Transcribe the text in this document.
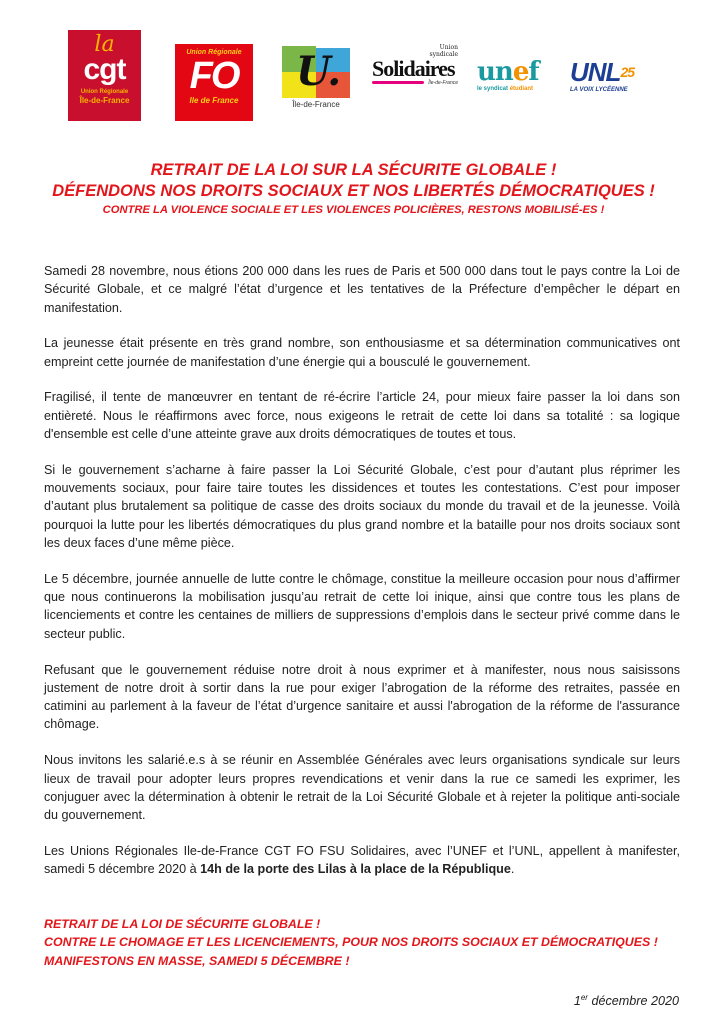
la
cgt
Union Régionale
Île-de-France
Union Régionale
FO
Ile de France
U.
Île-de-France
Union
syndicale
Solidaires
Île-de-France unef
le syndicat étudiant
UNL$^{25}$
LA VOIX LYCÉENNE
RETRAIT DE LA LOI SUR LA SÉCURITE GLOBALE !
DÉFENDONS NOS DROITS SOCIAUX ET NOS LIBERTÉS DÉMOCRATIQUES !
CONTRE LA VIOLENCE SOCIALE ET LES VIOLENCES POLICIÈRES, RESTONS MOBILISÉ-ES !

Samedi 28 novembre, nous étions 200 000 dans les rues de Paris et 500 000 dans tout le pays contre la Loi de Sécurité Globale, et ce malgré l’état d’urgence et les tentatives de la Préfecture d’empêcher le départ en manifestation.

La jeunesse était présente en très grand nombre, son enthousiasme et sa détermination communicatives ont empreint cette journée de manifestation d’une énergie qui a bousculé le gouvernement.

Fragilisé, il tente de manœuvrer en tentant de ré-écrire l’article 24, pour mieux faire passer la loi dans son entièreté. Nous le réaffirmons avec force, nous exigeons le retrait de cette loi dans sa totalité : sa logique d'ensemble est celle d’une atteinte grave aux droits démocratiques de toutes et tous.

Si le gouvernement s’acharne à faire passer la Loi Sécurité Globale, c’est pour d’autant plus réprimer les mouvements sociaux, pour faire taire toutes les dissidences et toutes les contestations. C’est pour imposer d’autant plus brutalement sa politique de casse des droits sociaux du monde du travail et de la jeunesse. Voilà pourquoi la lutte pour les libertés démocratiques du plus grand nombre et la bataille pour nos droits sociaux sont les deux faces d’une même pièce.

Le 5 décembre, journée annuelle de lutte contre le chômage, constitue la meilleure occasion pour nous d’affirmer que nous continuerons la mobilisation jusqu’au retrait de cette loi inique, ainsi que contre tous les plans de licenciements et contre les centaines de milliers de suppressions d’emplois dans le secteur privé comme dans le secteur public.

Refusant que le gouvernement réduise notre droit à nous exprimer et à manifester, nous nous saisissons justement de notre droit à sortir dans la rue pour exiger l’abrogation de la réforme des retraites, passée en catimini au parlement à la faveur de l’état d’urgence sanitaire et aussi l'abrogation de la réforme de l'assurance chômage.

Nous invitons les salarié.e.s à se réunir en Assemblée Générales avec leurs organisations syndicale sur leurs lieux de travail pour adopter leurs propres revendications et venir dans la rue ce samedi les exprimer, les conjuguer avec la détermination à obtenir le retrait de la Loi Sécurité Globale et à rejeter la politique anti-sociale du gouvernement.

Les Unions Régionales Ile-de-France CGT FO FSU Solidaires, avec l’UNEF et l’UNL, appellent à manifester, samedi 5 décembre 2020 à 14h de la porte des Lilas à la place de la République.

RETRAIT DE LA LOI DE SÉCURITE GLOBALE !
CONTRE LE CHOMAGE ET LES LICENCIEMENTS, POUR NOS DROITS SOCIAUX ET DÉMOCRATIQUES !
MANIFESTONS EN MASSE, SAMEDI 5 DÉCEMBRE !
1er décembre 2020
